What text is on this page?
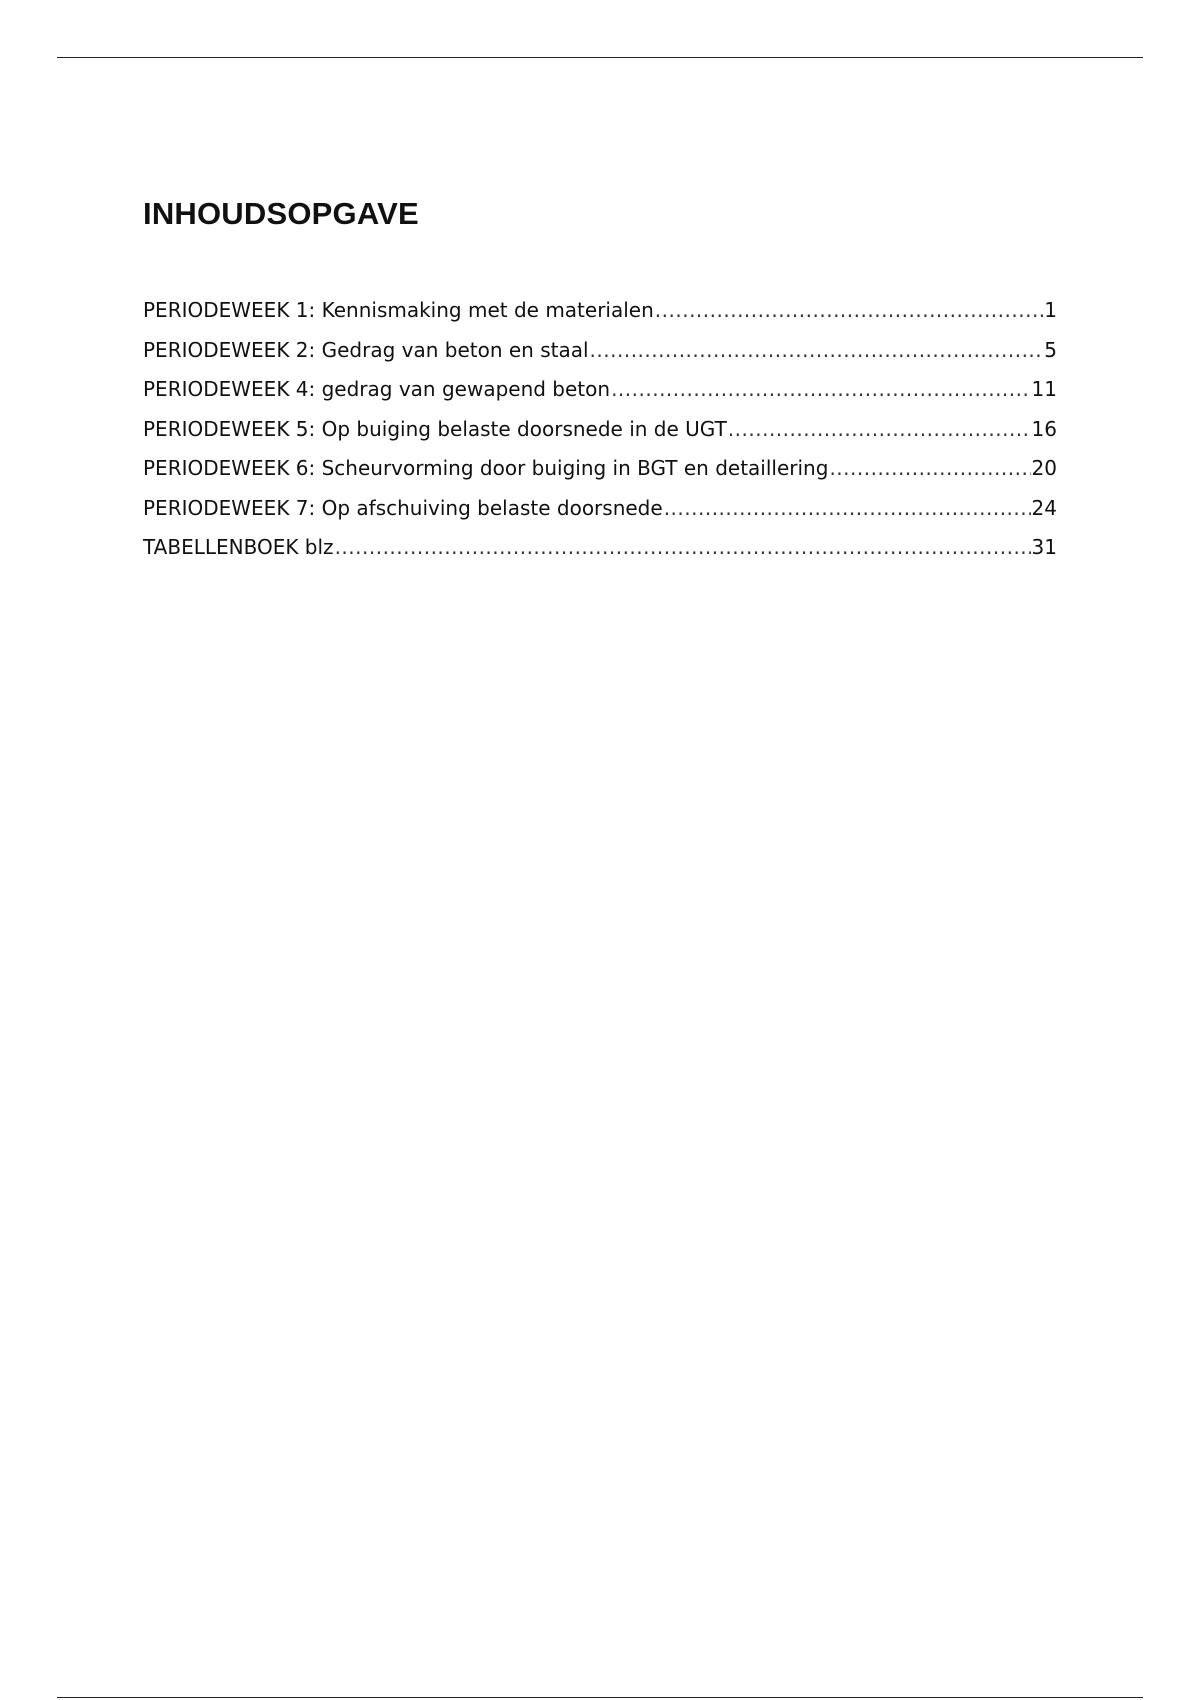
INHOUDSOPGAVE
PERIODEWEEK 1: Kennismaking met de materialen .....	1
PERIODEWEEK 2: Gedrag van beton en staal .....	5
PERIODEWEEK 4: gedrag van gewapend beton .....	11
PERIODEWEEK 5: Op buiging belaste doorsnede in de UGT .....	16
PERIODEWEEK 6: Scheurvorming door buiging in BGT en detaillering .....	20
PERIODEWEEK 7: Op afschuiving belaste doorsnede .....	24
TABELLENBOEK blz .....	31
